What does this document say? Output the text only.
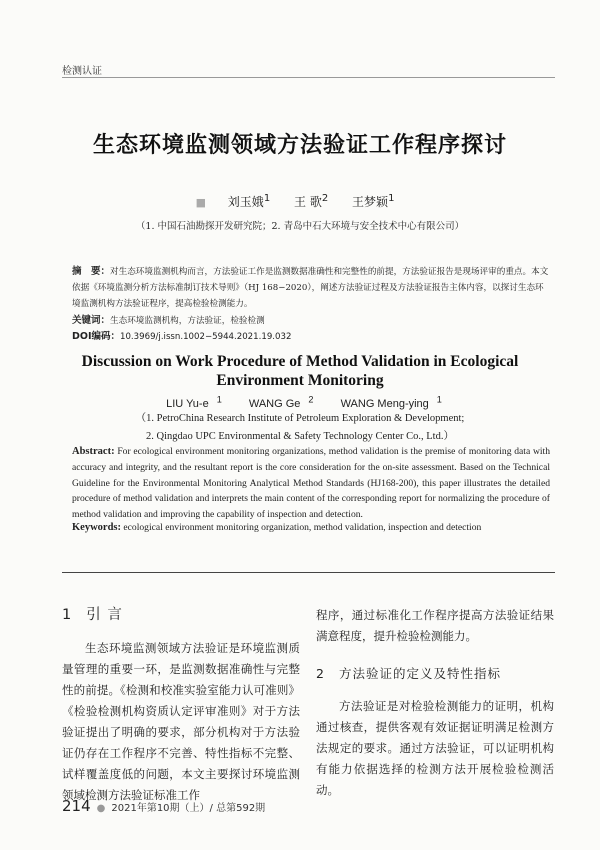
检测认证
生态环境监测领域方法验证工作程序探讨
■ 刘玉娥$^1$ 王 歌$^2$ 王梦颖$^1$
（1. 中国石油勘探开发研究院；2. 青岛中石大环境与安全技术中心有限公司）
摘　要：对生态环境监测机构而言，方法验证工作是监测数据准确性和完整性的前提，方法验证报告是现场评审的重点。本文依据《环境监测分析方法标准制订技术导则》（HJ 168−2020），阐述方法验证过程及方法验证报告主体内容，以探讨生态环境监测机构方法验证程序，提高检验检测能力。
关键词：生态环境监测机构，方法验证，检验检测
DOI编码：10.3969/j.issn.1002−5944.2021.19.032
Discussion on Work Procedure of Method Validation in Ecological Environment Monitoring
LIU Yu-e $^1$ WANG Ge $^2$ WANG Meng-ying $^1$
（1. PetroChina Research Institute of Petroleum Exploration & Development;
2. Qingdao UPC Environmental & Safety Technology Center Co., Ltd.）
Abstract: For ecological environment monitoring organizations, method validation is the premise of monitoring data with accuracy and integrity, and the resultant report is the core consideration for the on-site assessment. Based on the Technical Guideline for the Environmental Monitoring Analytical Method Standards (HJ168-200), this paper illustrates the detailed procedure of method validation and interprets the main content of the corresponding report for normalizing the procedure of method validation and improving the capability of inspection and detection.
Keywords: ecological environment monitoring organization, method validation, inspection and detection
1 引 言

生态环境监测领域方法验证是环境监测质量管理的重要一环，是监测数据准确性与完整性的前提。《检测和校准实验室能力认可准则》《检验检测机构资质认定评审准则》对于方法验证提出了明确的要求，部分机构对于方法验证仍存在工作程序不完善、特性指标不完整、试样覆盖度低的问题，本文主要探讨环境监测领域检测方法验证标准工作

程序，通过标准化工作程序提高方法验证结果满意程度，提升检验检测能力。

2 方法验证的定义及特性指标

方法验证是对检验检测能力的证明，机构通过核查，提供客观有效证据证明满足检测方法规定的要求。通过方法验证，可以证明机构有能力依据选择的检测方法开展检验检测活动。

214 ● 2021年第10期（上）/ 总第592期
